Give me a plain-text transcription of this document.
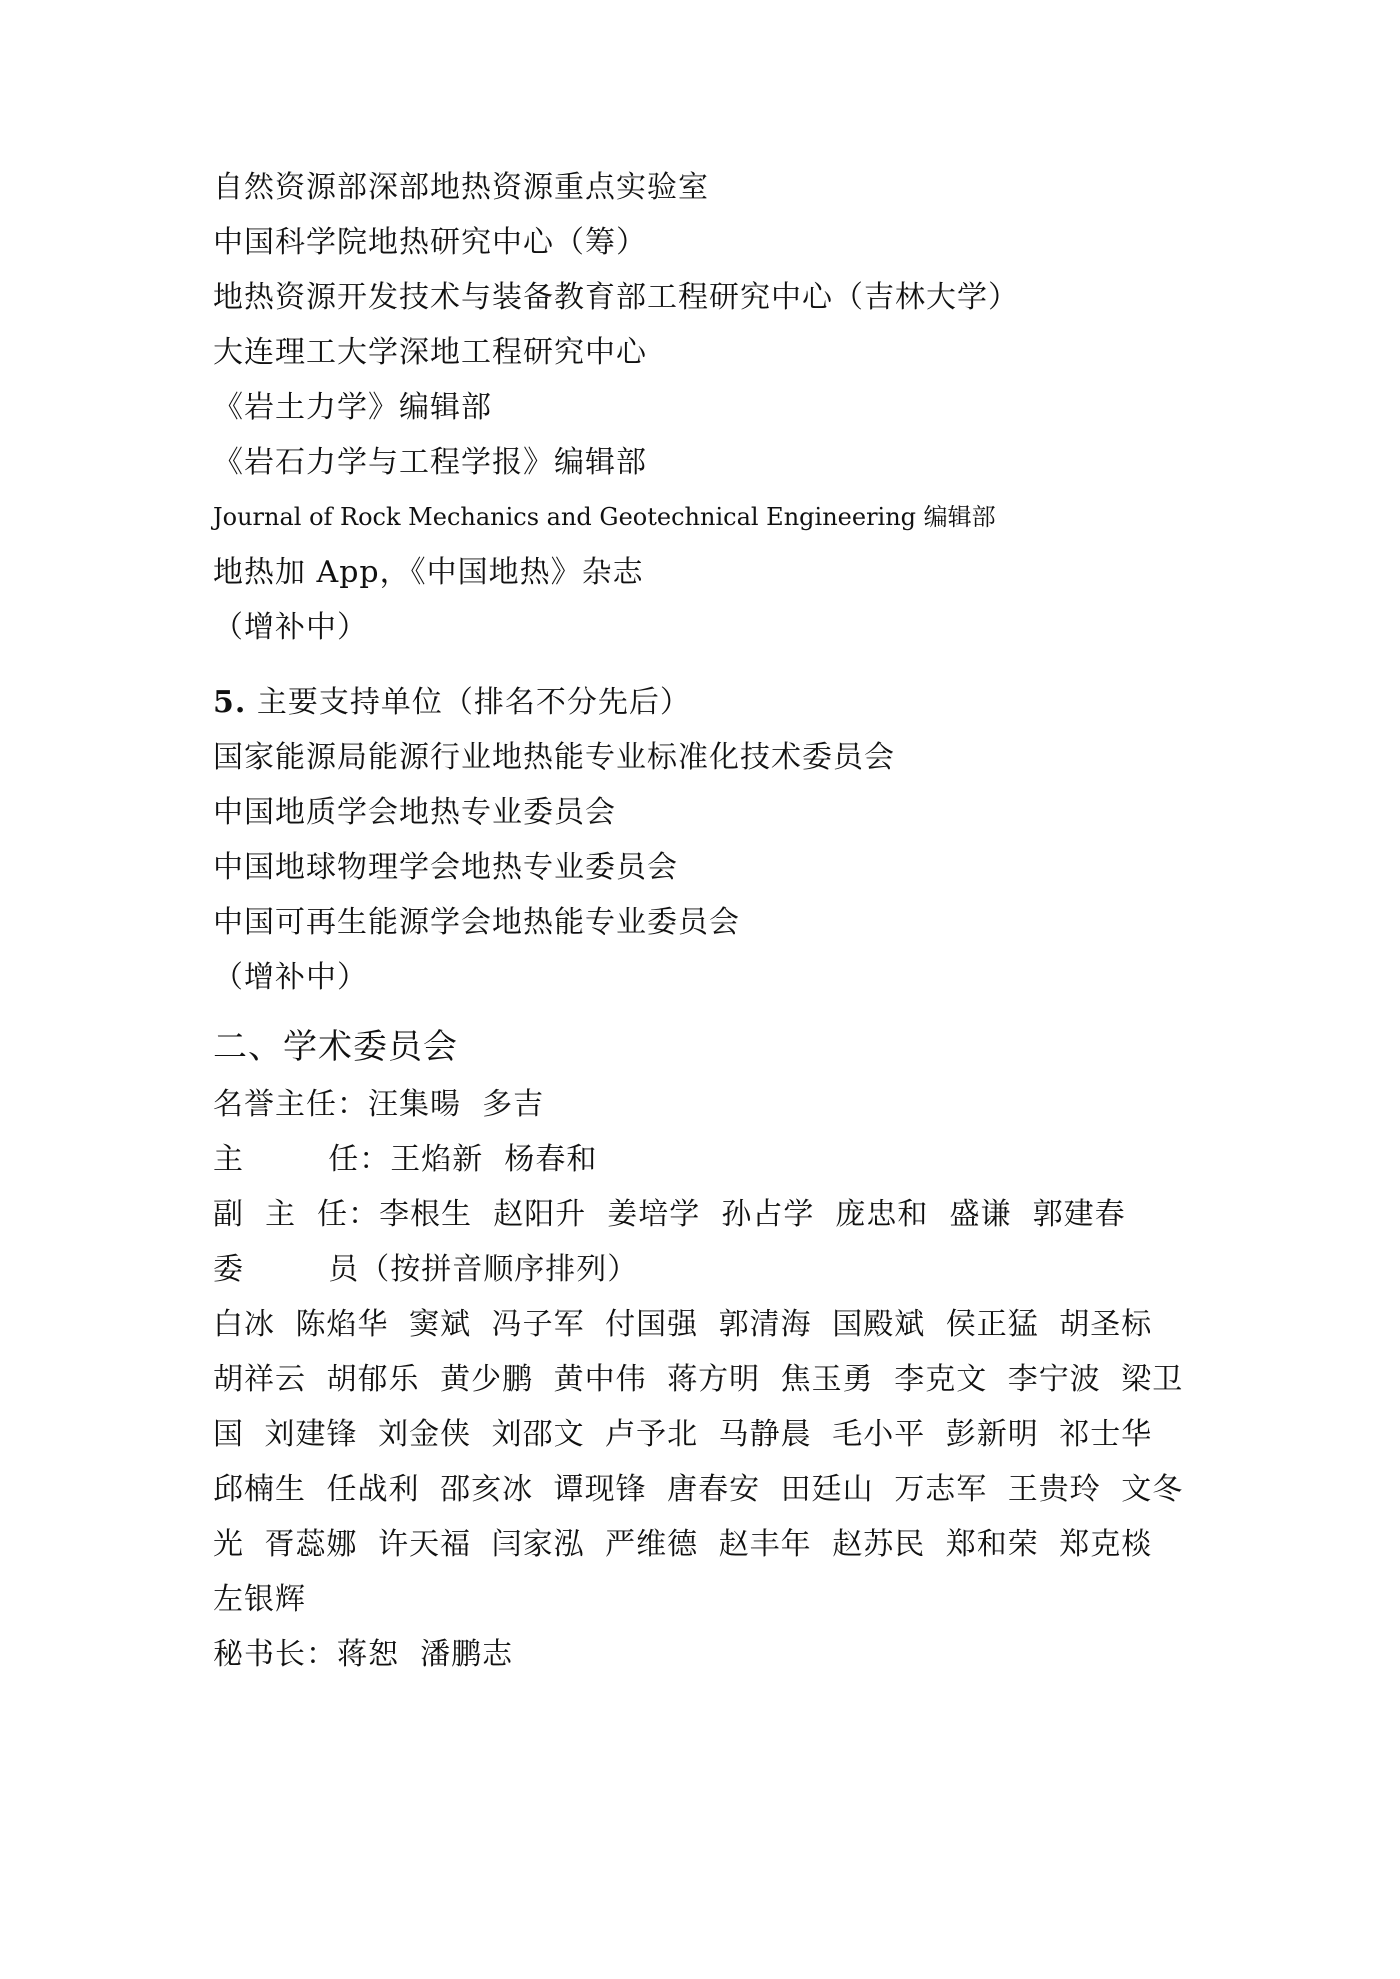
自然资源部深部地热资源重点实验室
中国科学院地热研究中心（筹）
地热资源开发技术与装备教育部工程研究中心（吉林大学）
大连理工大学深地工程研究中心
《岩土力学》编辑部
《岩石力学与工程学报》编辑部
Journal of Rock Mechanics and Geotechnical Engineering 编辑部
地热加 App，《中国地热》杂志
（增补中）
5. 主要支持单位（排名不分先后）
国家能源局能源行业地热能专业标准化技术委员会
中国地质学会地热专业委员会
中国地球物理学会地热专业委员会
中国可再生能源学会地热能专业委员会
（增补中）
二、学术委员会
名誉主任：汪集暘  多吉
主        任：王焰新  杨春和
副  主  任：李根生  赵阳升  姜培学  孙占学  庞忠和  盛谦  郭建春
委        员（按拼音顺序排列）
白冰 陈焰华 窦斌 冯子军 付国强 郭清海 国殿斌 侯正猛 胡圣标 胡祥云 胡郁乐 黄少鹏 黄中伟 蒋方明 焦玉勇 李克文 李宁波 梁卫国 刘建锋 刘金侠 刘邵文 卢予北 马静晨 毛小平 彭新明 祁士华 邱楠生 任战利 邵亥冰 谭现锋 唐春安 田廷山 万志军 王贵玲 文冬光 胥蕊娜 许天福 闫家泓 严维德 赵丰年 赵苏民 郑和荣 郑克棪 左银辉
秘书长：蒋恕  潘鹏志
